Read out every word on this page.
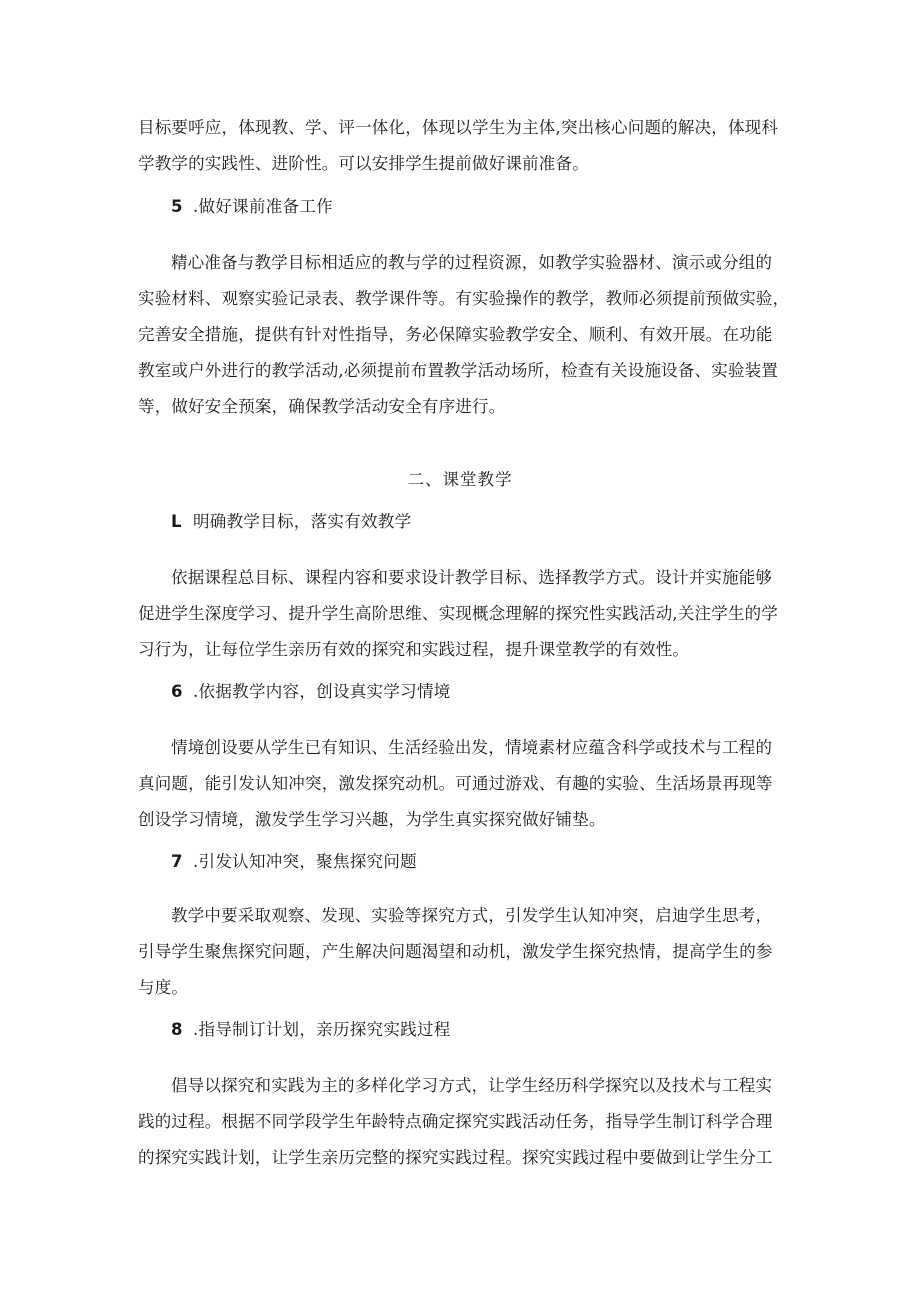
目标要呼应，体现教、学、评一体化，体现以学生为主体,突出核心问题的解决，体现科
学教学的实践性、进阶性。可以安排学生提前做好课前准备。
5 .做好课前准备工作
精心准备与教学目标相适应的教与学的过程资源，如教学实验器材、演示或分组的
实验材料、观察实验记录表、教学课件等。有实验操作的教学，教师必须提前预做实验，
完善安全措施，提供有针对性指导，务必保障实验教学安全、顺利、有效开展。在功能
教室或户外进行的教学活动,必须提前布置教学活动场所，检查有关设施设备、实验装置
等，做好安全预案，确保教学活动安全有序进行。
二、课堂教学
L 明确教学目标，落实有效教学
依据课程总目标、课程内容和要求设计教学目标、选择教学方式。设计并实施能够
促进学生深度学习、提升学生高阶思维、实现概念理解的探究性实践活动,关注学生的学
习行为，让每位学生亲历有效的探究和实践过程，提升课堂教学的有效性。
6 .依据教学内容，创设真实学习情境
情境创设要从学生已有知识、生活经验出发，情境素材应蕴含科学或技术与工程的
真问题，能引发认知冲突，激发探究动机。可通过游戏、有趣的实验、生活场景再现等
创设学习情境，激发学生学习兴趣，为学生真实探究做好铺垫。
7 .引发认知冲突，聚焦探究问题
教学中要采取观察、发现、实验等探究方式，引发学生认知冲突，启迪学生思考，
引导学生聚焦探究问题，产生解决问题渴望和动机，激发学生探究热情，提高学生的参
与度。
8 .指导制订计划，亲历探究实践过程
倡导以探究和实践为主的多样化学习方式，让学生经历科学探究以及技术与工程实
践的过程。根据不同学段学生年龄特点确定探究实践活动任务，指导学生制订科学合理
的探究实践计划，让学生亲历完整的探究实践过程。探究实践过程中要做到让学生分工
